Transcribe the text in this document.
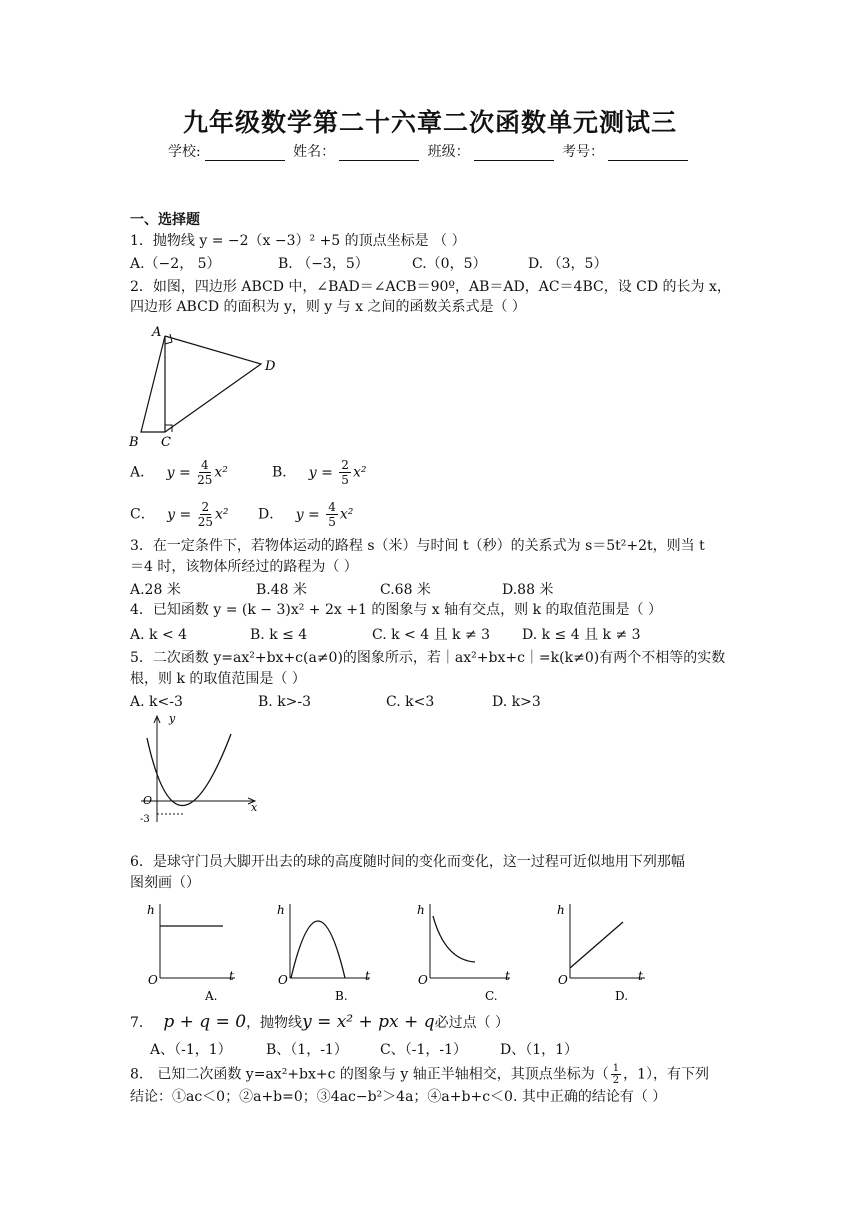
九年级数学第二十六章二次函数单元测试三
学校:	姓名：	班级：	考号：
一、选择题
1．抛物线 y = −2（x −3）² +5 的顶点坐标是 （ ）
A.（−2， 5）	B. （−3，5）	C.（0，5）	D. （3，5）
2．如图，四边形 ABCD 中，∠BAD＝∠ACB＝90º，AB＝AD，AC＝4BC，设 CD 的长为 x，
四边形 ABCD 的面积为 y，则 y 与 x 之间的函数关系式是（ ）
A
B C
D
A． $y = \frac{4}{25} x^2$	B． $y = \frac{2}{5} x^2$
C． $y = \frac{2}{25} x^2$ D． $y = \frac{4}{5} x^2$
3．在一定条件下，若物体运动的路程 s（米）与时间 t（秒）的关系式为 s＝5t²+2t，则当 t
＝4 时，该物体所经过的路程为（ ）
A.28 米	B.48 米	C.68 米	D.88 米
4．已知函数 y = (k − 3)x² + 2x +1 的图象与 x 轴有交点，则 k 的取值范围是（ ）
A. k < 4	B. k ≤ 4	C. k < 4 且 k ≠ 3 D. k ≤ 4 且 k ≠ 3
5．二次函数 y=ax²+bx+c(a≠0)的图象所示，若｜ax²+bx+c｜=k(k≠0)有两个不相等的实数
根，则 k 的取值范围是（ ）
A. k<-3	B. k>-3	C. k<3	D. k>3
y
x
O
-3
6．是球守门员大脚开出去的球的高度随时间的变化而变化，这一过程可近似地用下列那幅
图刻画（）
h
O	t
A.
h
O	t
B.
h
O	t
C.
h
O	t
D.
7． p + q = 0，抛物线y = x² + px + q必过点（ ）
A、（-1，1） B、（1，-1） C、（-1，-1） D、（1，1）
8． 已知二次函数 y=ax²+bx+c 的图象与 y 轴正半轴相交，其顶点坐标为（ $\frac{1}{2}$ ，1），有下列
结论：①ac＜0；②a+b=0；③4ac−b²＞4a；④a+b+c＜0. 其中正确的结论有（ ）
